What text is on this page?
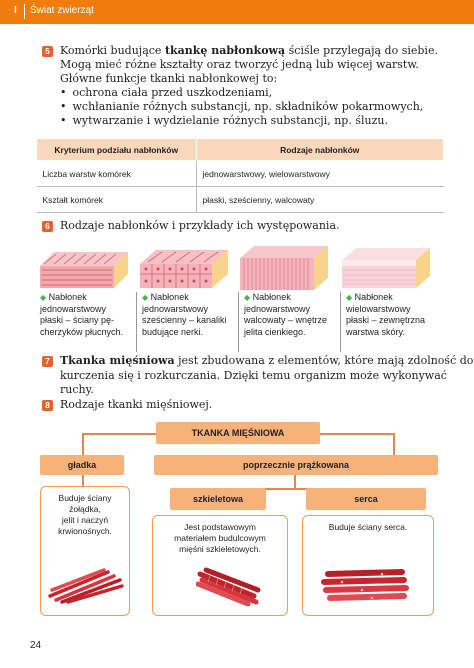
I Świat zwierząt
5 Komórki budujące tkankę nabłonkową ściśle przylegają do siebie.
Mogą mieć różne kształty oraz tworzyć jedną lub więcej warstw.
Główne funkcje tkanki nabłonkowej to:
• ochrona ciała przed uszkodzeniami,
• wchłanianie różnych substancji, np. składników pokarmowych,
• wytwarzanie i wydzielanie różnych substancji, np. śluzu.
Kryterium podziału nabłonków	Rodzaje nabłonków
Liczba warstw komórek	jednowarstwowy, wielowarstwowy
Kształt komórek	płaski, sześcienny, walcowaty
6 Rodzaje nabłonków i przykłady ich występowania.
◆ Nabłonek
jednowarstwowy
płaski – ściany pę-
cherzyków płucnych.
◆ Nabłonek
jednowarstwowy
sześcienny – kanaliki
budujące nerki.
◆ Nabłonek
jednowarstwowy
walcowaty – wnętrze
jelita cienkiego.
◆ Nabłonek
wielowarstwowy
płaski – zewnętrzna
warstwa skóry.
7 Tkanka mięśniowa jest zbudowana z elementów, które mają zdolność do
kurczenia się i rozkurczania. Dzięki temu organizm może wykonywać ruchy.
8 Rodzaje tkanki mięśniowej.
TKANKA MIĘŚNIOWA
gładka	poprzecznie prążkowana
szkieletowa	serca
Buduje ściany
żołądka,
jelit i naczyń
krwionośnych.	Jest podstawowym
materiałem budulcowym
mięśni szkieletowych.
Buduje ściany serca.
24
